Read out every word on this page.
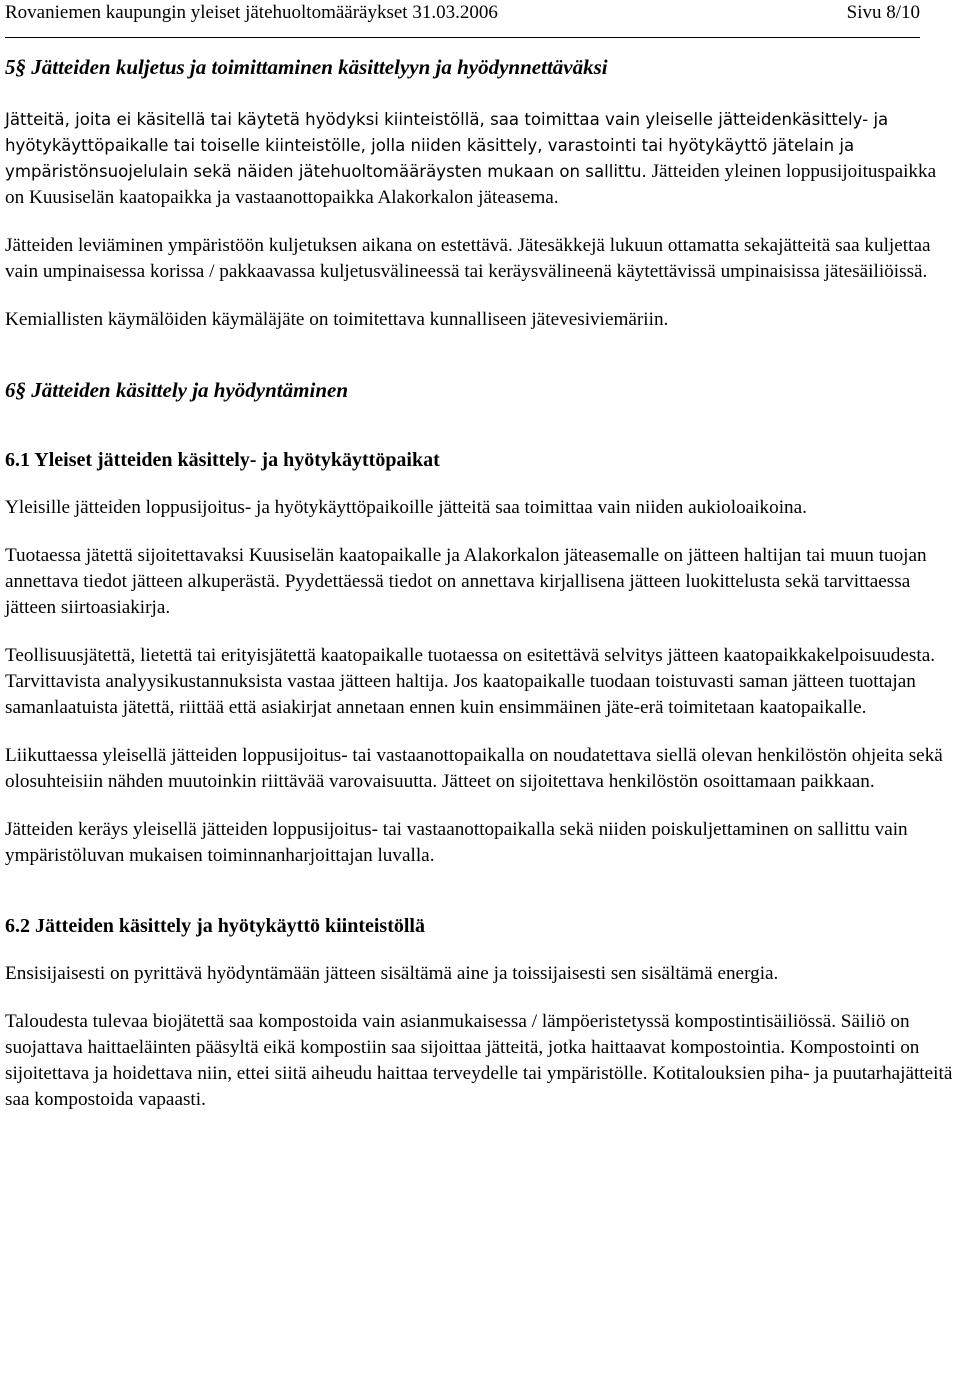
Rovaniemen kaupungin yleiset jätehuoltomääräykset 31.03.2006	Sivu 8/10
5§ Jätteiden kuljetus ja toimittaminen käsittelyyn ja hyödynnettäväksi

Jätteitä, joita ei käsitellä tai käytetä hyödyksi kiinteistöllä, saa toimittaa vain yleiselle jätteidenkäsittely- ja hyötykäyttöpaikalle tai toiselle kiinteistölle, jolla niiden käsittely, varastointi tai hyötykäyttö jätelain ja ympäristönsuojelulain sekä näiden jätehuoltomääräysten mukaan on sallittu. Jätteiden yleinen loppusijoituspaikka on Kuusiselän kaatopaikka ja vastaanottopaikka Alakorkalon jäteasema.

Jätteiden leviäminen ympäristöön kuljetuksen aikana on estettävä. Jätesäkkejä lukuun ottamatta sekajätteitä saa kuljettaa vain umpinaisessa korissa / pakkaavassa kuljetusvälineessä tai keräysvälineenä käytettävissä umpinaisissa jätesäiliöissä.

Kemiallisten käymälöiden käymäläjäte on toimitettava kunnalliseen jätevesiviemäriin.

6§ Jätteiden käsittely ja hyödyntäminen
6.1 Yleiset jätteiden käsittely- ja hyötykäyttöpaikat

Yleisille jätteiden loppusijoitus- ja hyötykäyttöpaikoille jätteitä saa toimittaa vain niiden aukioloaikoina.

Tuotaessa jätettä sijoitettavaksi Kuusiselän kaatopaikalle ja Alakorkalon jäteasemalle on jätteen haltijan tai muun tuojan annettava tiedot jätteen alkuperästä. Pyydettäessä tiedot on annettava kirjallisena jätteen luokittelusta sekä tarvittaessa jätteen siirtoasiakirja.

Teollisuusjätettä, lietettä tai erityisjätettä kaatopaikalle tuotaessa on esitettävä selvitys jätteen kaatopaikkakelpoisuudesta. Tarvittavista analyysikustannuksista vastaa jätteen haltija. Jos kaatopaikalle tuodaan toistuvasti saman jätteen tuottajan samanlaatuista jätettä, riittää että asiakirjat annetaan ennen kuin ensimmäinen jäte-erä toimitetaan kaatopaikalle.

Liikuttaessa yleisellä jätteiden loppusijoitus- tai vastaanottopaikalla on noudatettava siellä olevan henkilöstön ohjeita sekä olosuhteisiin nähden muutoinkin riittävää varovaisuutta. Jätteet on sijoitettava henkilöstön osoittamaan paikkaan.

Jätteiden keräys yleisellä jätteiden loppusijoitus- tai vastaanottopaikalla sekä niiden poiskuljettaminen on sallittu vain ympäristöluvan mukaisen toiminnanharjoittajan luvalla.

6.2 Jätteiden käsittely ja hyötykäyttö kiinteistöllä

Ensisijaisesti on pyrittävä hyödyntämään jätteen sisältämä aine ja toissijaisesti sen sisältämä energia.

Taloudesta tulevaa biojätettä saa kompostoida vain asianmukaisessa / lämpöeristetyssä kompostintisäiliössä. Säiliö on suojattava haittaeläinten pääsyltä eikä kompostiin saa sijoittaa jätteitä, jotka haittaavat kompostointia. Kompostointi on sijoitettava ja hoidettava niin, ettei siitä aiheudu haittaa terveydelle tai ympäristölle. Kotitalouksien piha- ja puutarhajätteitä saa kompostoida vapaasti.
